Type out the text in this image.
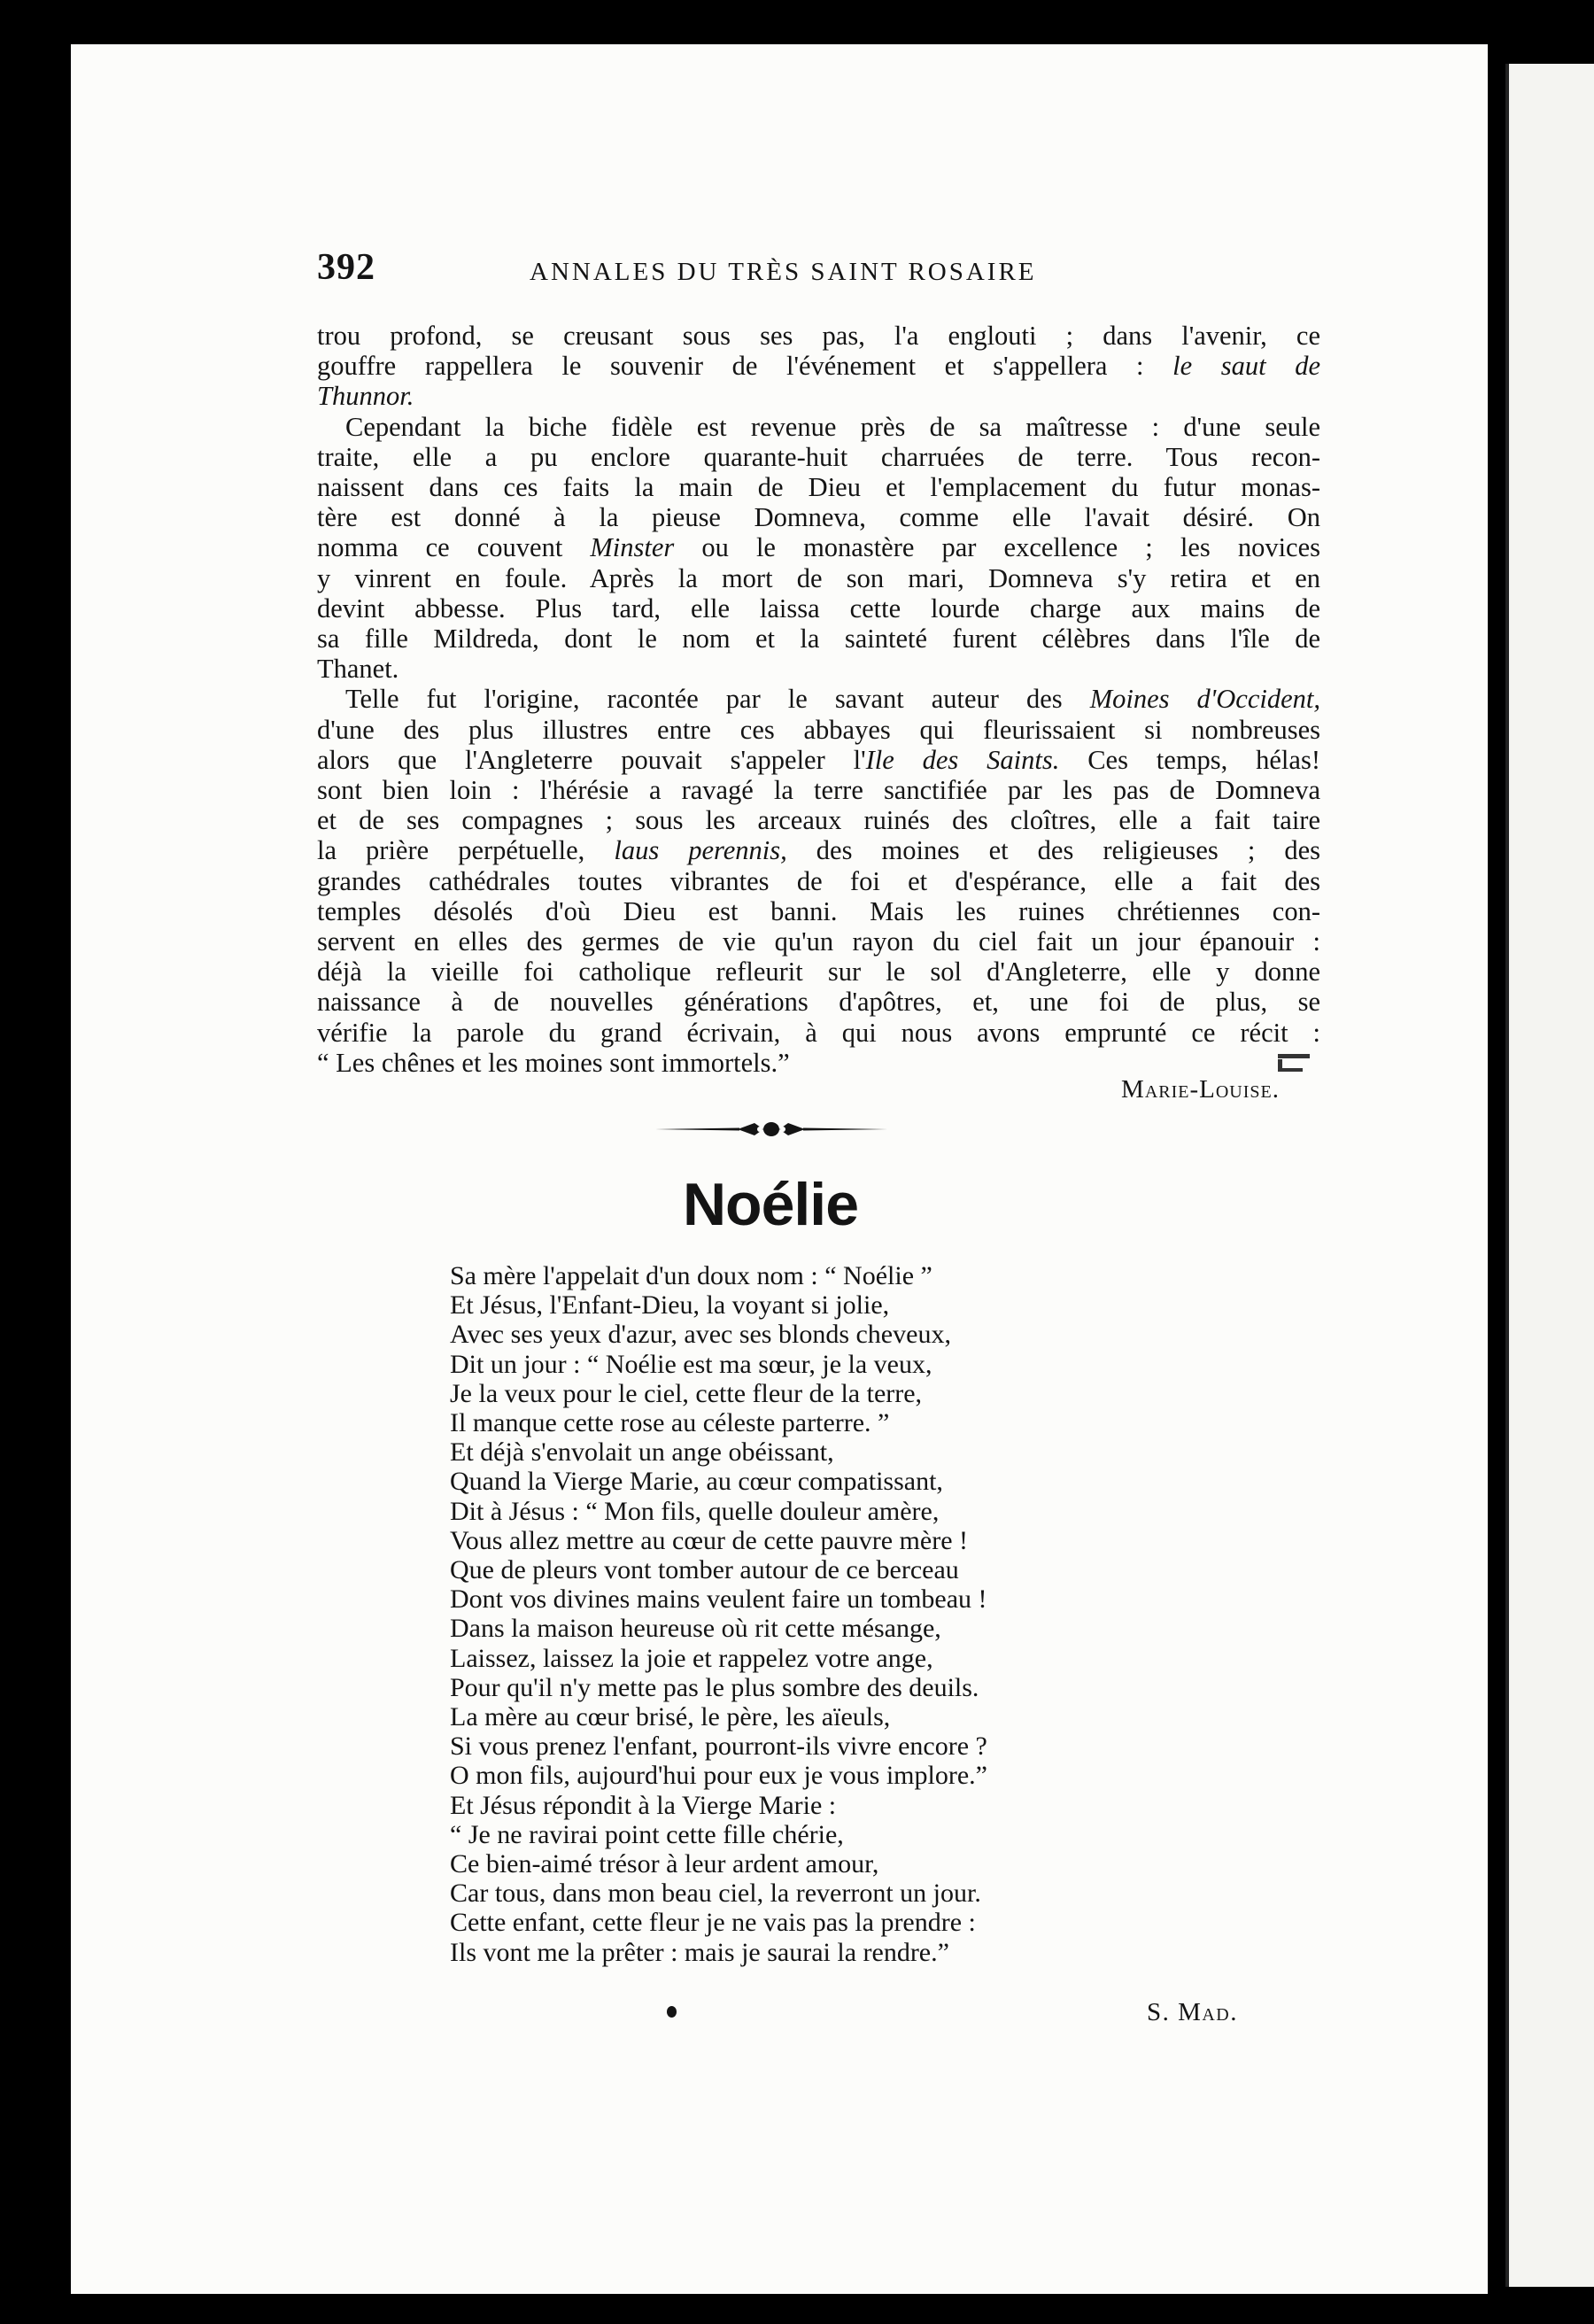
392	ANNALES DU TRÈS SAINT ROSAIRE
trou profond, se creusant sous ses pas, l'a englouti ; dans l'avenir, ce
gouffre rappellera le souvenir de l'événement et s'appellera : le saut de
Thunnor.
Cependant la biche fidèle est revenue près de sa maîtresse : d'une seule
traite, elle a pu enclore quarante-huit charruées de terre. Tous recon-
naissent dans ces faits la main de Dieu et l'emplacement du futur monas-
tère est donné à la pieuse Domneva, comme elle l'avait désiré. On
nomma ce couvent Minster ou le monastère par excellence ; les novices
y vinrent en foule. Après la mort de son mari, Domneva s'y retira et en
devint abbesse. Plus tard, elle laissa cette lourde charge aux mains de
sa fille Mildreda, dont le nom et la sainteté furent célèbres dans l'île de
Thanet.
Telle fut l'origine, racontée par le savant auteur des Moines d'Occident,
d'une des plus illustres entre ces abbayes qui fleurissaient si nombreuses
alors que l'Angleterre pouvait s'appeler l'Ile des Saints. Ces temps, hélas!
sont bien loin : l'hérésie a ravagé la terre sanctifiée par les pas de Domneva
et de ses compagnes ; sous les arceaux ruinés des cloîtres, elle a fait taire
la prière perpétuelle, laus perennis, des moines et des religieuses ; des
grandes cathédrales toutes vibrantes de foi et d'espérance, elle a fait des
temples désolés d'où Dieu est banni. Mais les ruines chrétiennes con-
servent en elles des germes de vie qu'un rayon du ciel fait un jour épanouir :
déjà la vieille foi catholique refleurit sur le sol d'Angleterre, elle y donne
naissance à de nouvelles générations d'apôtres, et, une foi de plus, se
vérifie la parole du grand écrivain, à qui nous avons emprunté ce récit :
“ Les chênes et les moines sont immortels.”
Marie-Louise.
Noélie
Sa mère l'appelait d'un doux nom : “ Noélie ”
Et Jésus, l'Enfant-Dieu, la voyant si jolie,
Avec ses yeux d'azur, avec ses blonds cheveux,
Dit un jour : “ Noélie est ma sœur, je la veux,
Je la veux pour le ciel, cette fleur de la terre,
Il manque cette rose au céleste parterre. ”
Et déjà s'envolait un ange obéissant,
Quand la Vierge Marie, au cœur compatissant,
Dit à Jésus : “ Mon fils, quelle douleur amère,
Vous allez mettre au cœur de cette pauvre mère !
Que de pleurs vont tomber autour de ce berceau
Dont vos divines mains veulent faire un tombeau !
Dans la maison heureuse où rit cette mésange,
Laissez, laissez la joie et rappelez votre ange,
Pour qu'il n'y mette pas le plus sombre des deuils.
La mère au cœur brisé, le père, les aïeuls,
Si vous prenez l'enfant, pourront-ils vivre encore ?
O mon fils, aujourd'hui pour eux je vous implore.”
Et Jésus répondit à la Vierge Marie :
“ Je ne ravirai point cette fille chérie,
Ce bien-aimé trésor à leur ardent amour,
Car tous, dans mon beau ciel, la reverront un jour.
Cette enfant, cette fleur je ne vais pas la prendre :
Ils vont me la prêter : mais je saurai la rendre.”
S. Mad.
